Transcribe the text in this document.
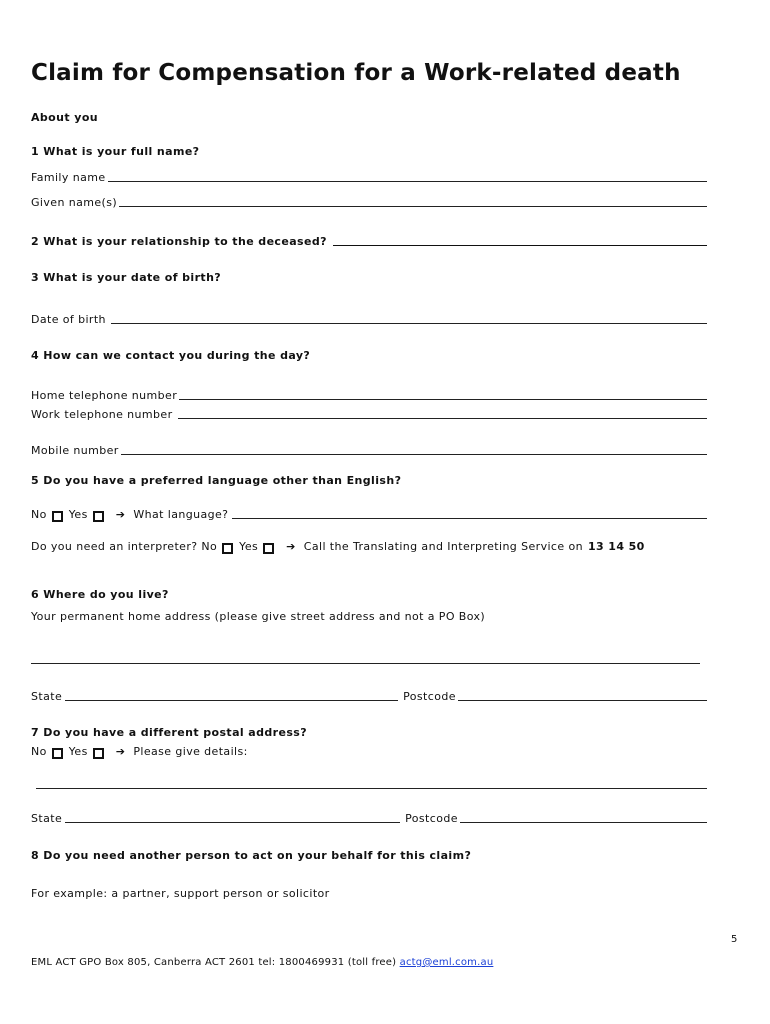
Claim for Compensation for a Work-related death
About you
1 What is your full name?
Family name
Given name(s)
2 What is your relationship to the deceased?
3 What is your date of birth?
Date of birth
4 How can we contact you during the day?
Home telephone number
Work telephone number
Mobile number
5 Do you have a preferred language other than English?
No Yes	➔ What language?
Do you need an interpreter? No Yes	➔ Call the Translating and Interpreting Service on 13 14 50
6 Where do you live?
Your permanent home address (please give street address and not a PO Box)
State	Postcode
7 Do you have a different postal address?
No Yes	➔ Please give details:
State	Postcode
8 Do you need another person to act on your behalf for this claim?
For example: a partner, support person or solicitor
5
EML ACT GPO Box 805, Canberra ACT 2601 tel: 1800469931 (toll free) actg@eml.com.au
